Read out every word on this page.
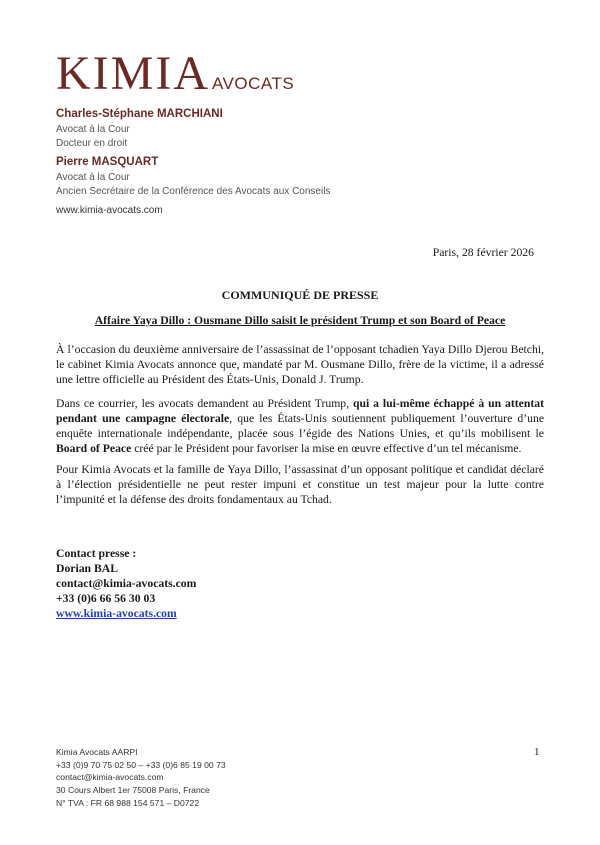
KIMIA AVOCATS
Charles-Stéphane MARCHIANI
Avocat à la Cour
Docteur en droit
Pierre MASQUART
Avocat à la Cour
Ancien Secrétaire de la Conférence des Avocats aux Conseils
www.kimia-avocats.com
Paris, 28 février 2026
COMMUNIQUÉ DE PRESSE
Affaire Yaya Dillo : Ousmane Dillo saisit le président Trump et son Board of Peace
À l’occasion du deuxième anniversaire de l’assassinat de l’opposant tchadien Yaya Dillo Djerou Betchi, le cabinet Kimia Avocats annonce que, mandaté par M. Ousmane Dillo, frère de la victime, il a adressé une lettre officielle au Président des États-Unis, Donald J. Trump.
Dans ce courrier, les avocats demandent au Président Trump, qui a lui-même échappé à un attentat pendant une campagne électorale, que les États-Unis soutiennent publiquement l’ouverture d’une enquête internationale indépendante, placée sous l’égide des Nations Unies, et qu’ils mobilisent le Board of Peace créé par le Président pour favoriser la mise en œuvre effective d’un tel mécanisme.
Pour Kimia Avocats et la famille de Yaya Dillo, l’assassinat d’un opposant politique et candidat déclaré à l’élection présidentielle ne peut rester impuni et constitue un test majeur pour la lutte contre l’impunité et la défense des droits fondamentaux au Tchad.
Contact presse :
Dorian BAL
contact@kimia-avocats.com
+33 (0)6 66 56 30 03
www.kimia-avocats.com
Kimia Avocats AARPI
+33 (0)9 70 75 02 50 – +33 (0)6 85 19 00 73
contact@kimia-avocats.com
30 Cours Albert 1er 75008 Paris, France
N° TVA : FR 68 988 154 571 – D0722
1
